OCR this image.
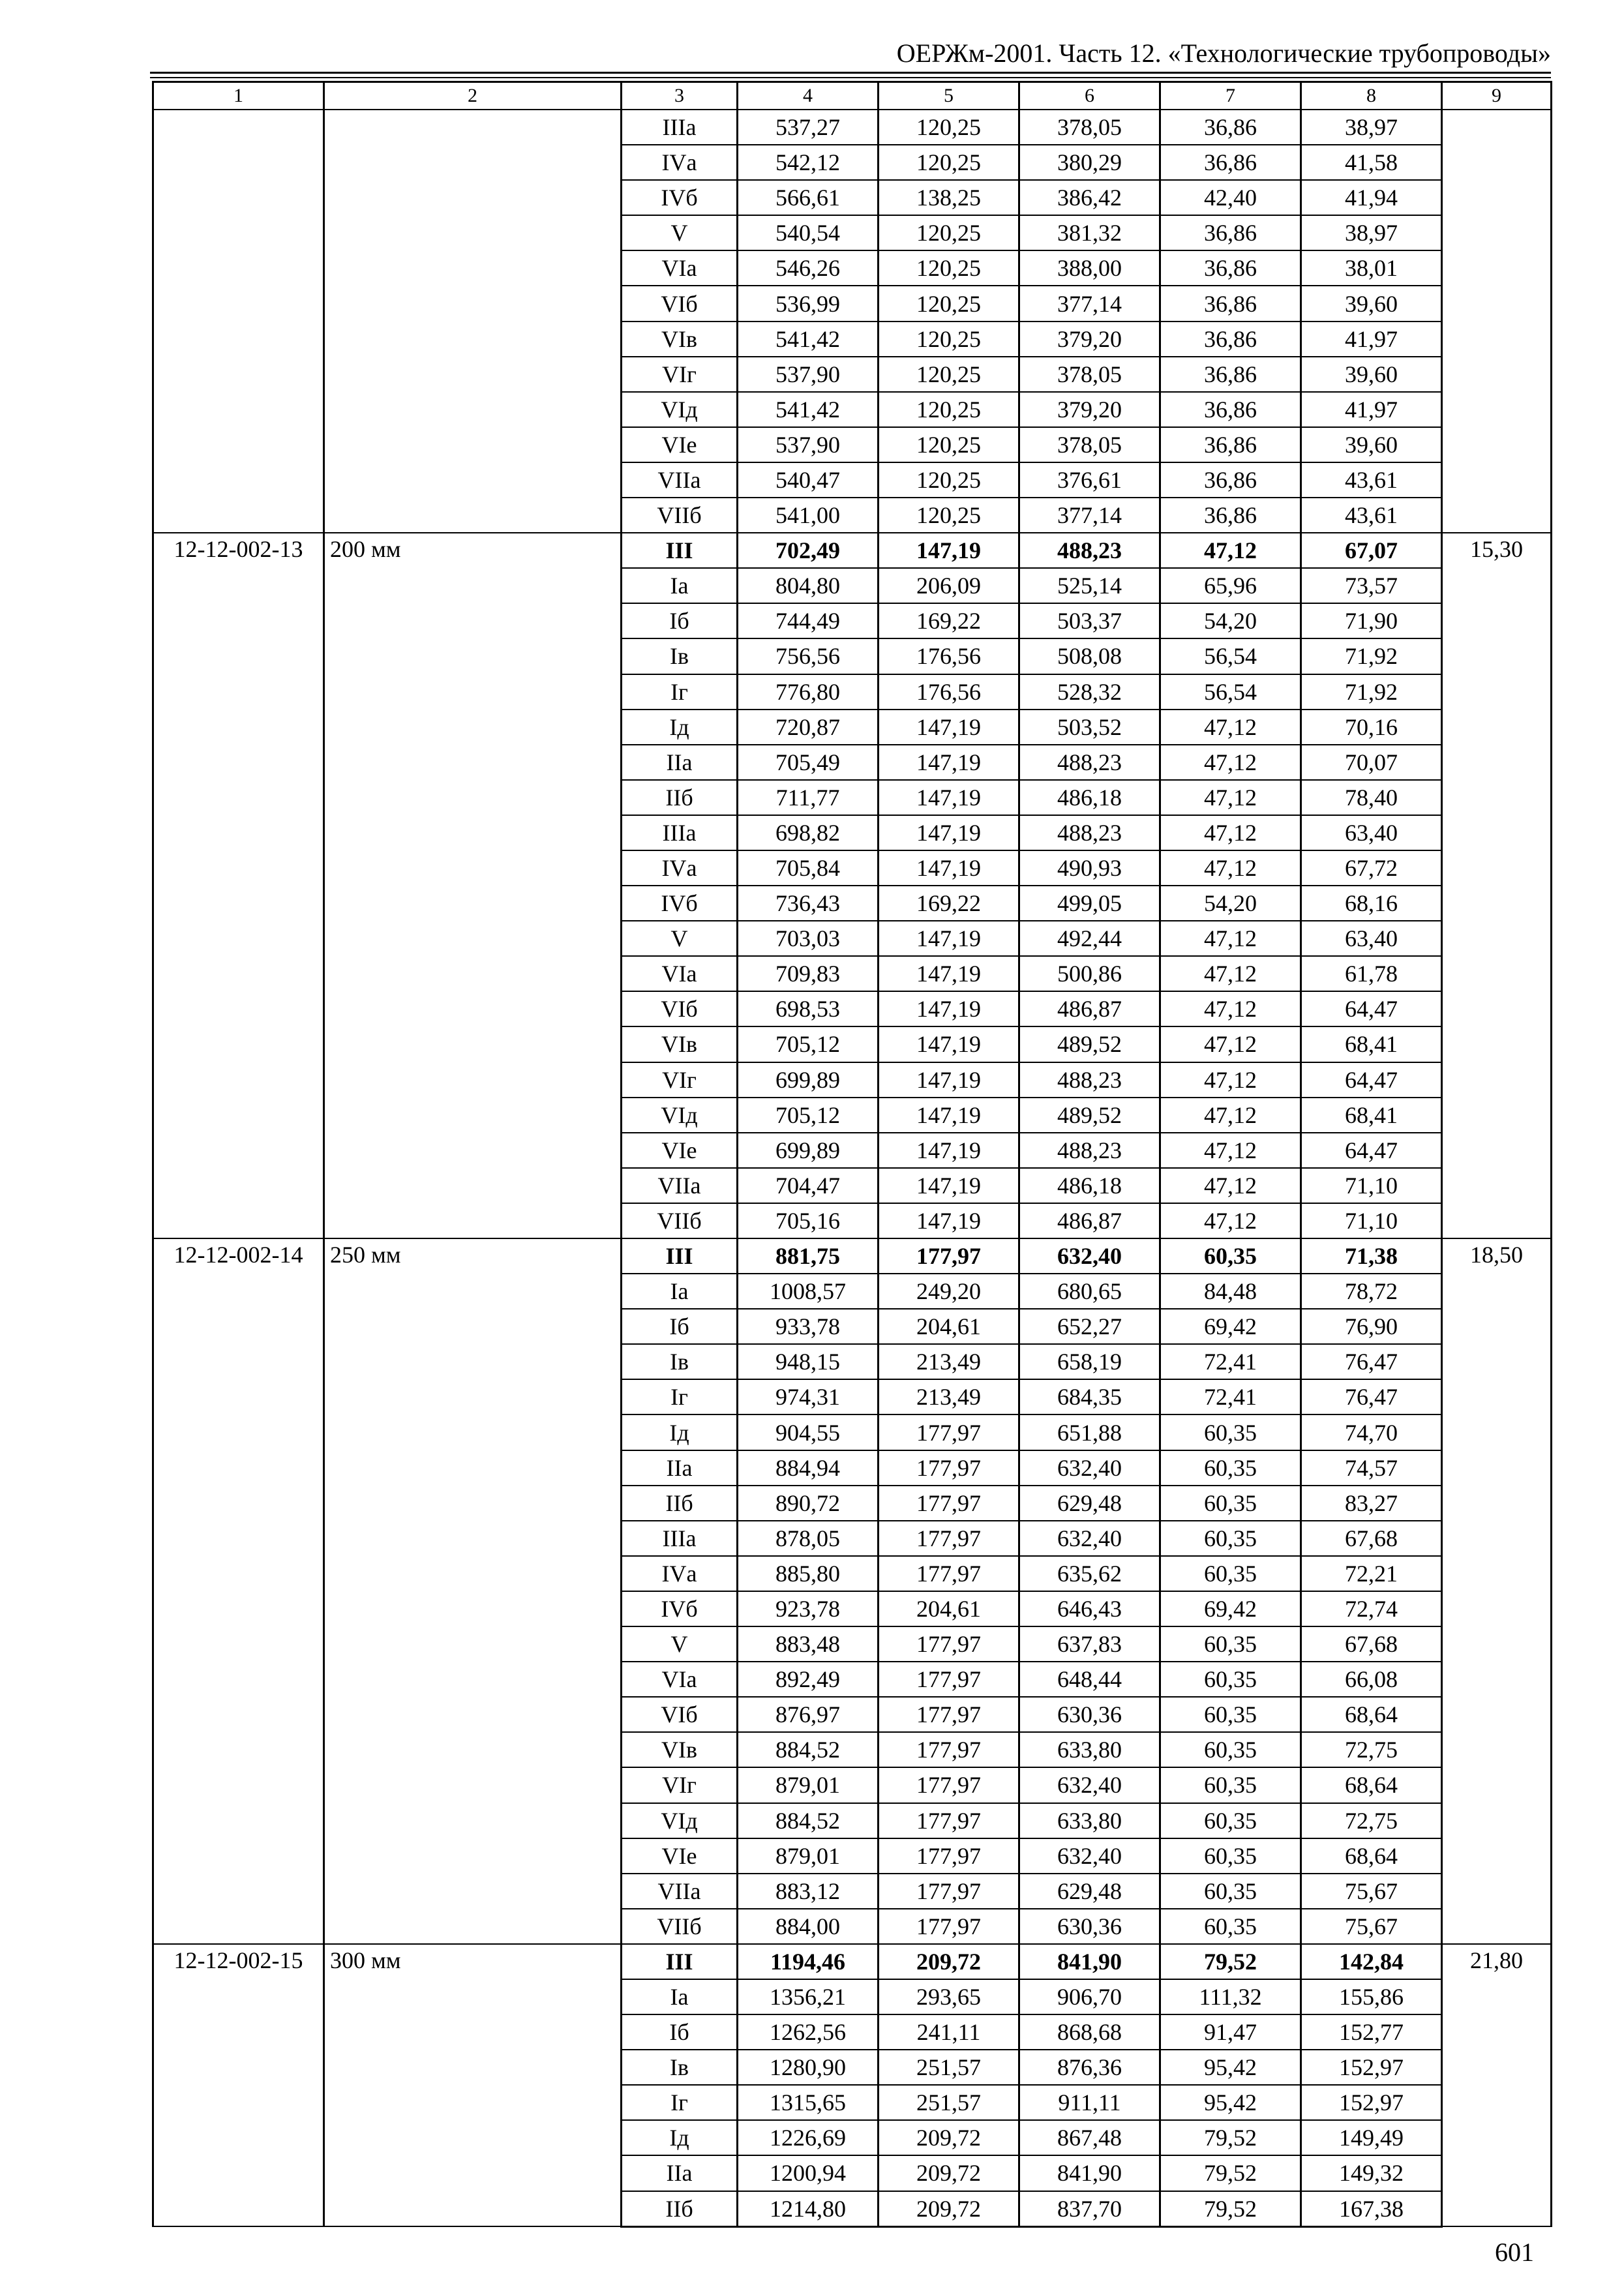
ОЕРЖм-2001. Часть 12. «Технологические трубопроводы»
1	2	3	4	5	6	7	8	9
		IIIа	537,27	120,25	378,05	36,86	38,97	
		IVа	542,12	120,25	380,29	36,86	41,58	
		IVб	566,61	138,25	386,42	42,40	41,94	
		V	540,54	120,25	381,32	36,86	38,97	
		VIа	546,26	120,25	388,00	36,86	38,01	
		VIб	536,99	120,25	377,14	36,86	39,60	
		VIв	541,42	120,25	379,20	36,86	41,97	
		VIг	537,90	120,25	378,05	36,86	39,60	
		VIд	541,42	120,25	379,20	36,86	41,97	
		VIе	537,90	120,25	378,05	36,86	39,60	
		VIIа	540,47	120,25	376,61	36,86	43,61	
		VIIб	541,00	120,25	377,14	36,86	43,61	
12-12-002-13	200 мм	III	702,49	147,19	488,23	47,12	67,07	15,30
		Iа	804,80	206,09	525,14	65,96	73,57	
		Iб	744,49	169,22	503,37	54,20	71,90	
		Iв	756,56	176,56	508,08	56,54	71,92	
		Iг	776,80	176,56	528,32	56,54	71,92	
		Iд	720,87	147,19	503,52	47,12	70,16	
		IIа	705,49	147,19	488,23	47,12	70,07	
		IIб	711,77	147,19	486,18	47,12	78,40	
		IIIа	698,82	147,19	488,23	47,12	63,40	
		IVа	705,84	147,19	490,93	47,12	67,72	
		IVб	736,43	169,22	499,05	54,20	68,16	
		V	703,03	147,19	492,44	47,12	63,40	
		VIа	709,83	147,19	500,86	47,12	61,78	
		VIб	698,53	147,19	486,87	47,12	64,47	
		VIв	705,12	147,19	489,52	47,12	68,41	
		VIг	699,89	147,19	488,23	47,12	64,47	
		VIд	705,12	147,19	489,52	47,12	68,41	
		VIе	699,89	147,19	488,23	47,12	64,47	
		VIIа	704,47	147,19	486,18	47,12	71,10	
		VIIб	705,16	147,19	486,87	47,12	71,10	
12-12-002-14	250 мм	III	881,75	177,97	632,40	60,35	71,38	18,50
		Iа	1008,57	249,20	680,65	84,48	78,72	
		Iб	933,78	204,61	652,27	69,42	76,90	
		Iв	948,15	213,49	658,19	72,41	76,47	
		Iг	974,31	213,49	684,35	72,41	76,47	
		Iд	904,55	177,97	651,88	60,35	74,70	
		IIа	884,94	177,97	632,40	60,35	74,57	
		IIб	890,72	177,97	629,48	60,35	83,27	
		IIIа	878,05	177,97	632,40	60,35	67,68	
		IVа	885,80	177,97	635,62	60,35	72,21	
		IVб	923,78	204,61	646,43	69,42	72,74	
		V	883,48	177,97	637,83	60,35	67,68	
		VIа	892,49	177,97	648,44	60,35	66,08	
		VIб	876,97	177,97	630,36	60,35	68,64	
		VIв	884,52	177,97	633,80	60,35	72,75	
		VIг	879,01	177,97	632,40	60,35	68,64	
		VIд	884,52	177,97	633,80	60,35	72,75	
		VIе	879,01	177,97	632,40	60,35	68,64	
		VIIа	883,12	177,97	629,48	60,35	75,67	
		VIIб	884,00	177,97	630,36	60,35	75,67	
12-12-002-15	300 мм	III	1194,46	209,72	841,90	79,52	142,84	21,80
		Iа	1356,21	293,65	906,70	111,32	155,86	
		Iб	1262,56	241,11	868,68	91,47	152,77	
		Iв	1280,90	251,57	876,36	95,42	152,97	
		Iг	1315,65	251,57	911,11	95,42	152,97	
		Iд	1226,69	209,72	867,48	79,52	149,49	
		IIа	1200,94	209,72	841,90	79,52	149,32	
		IIб	1214,80	209,72	837,70	79,52	167,38	
601
